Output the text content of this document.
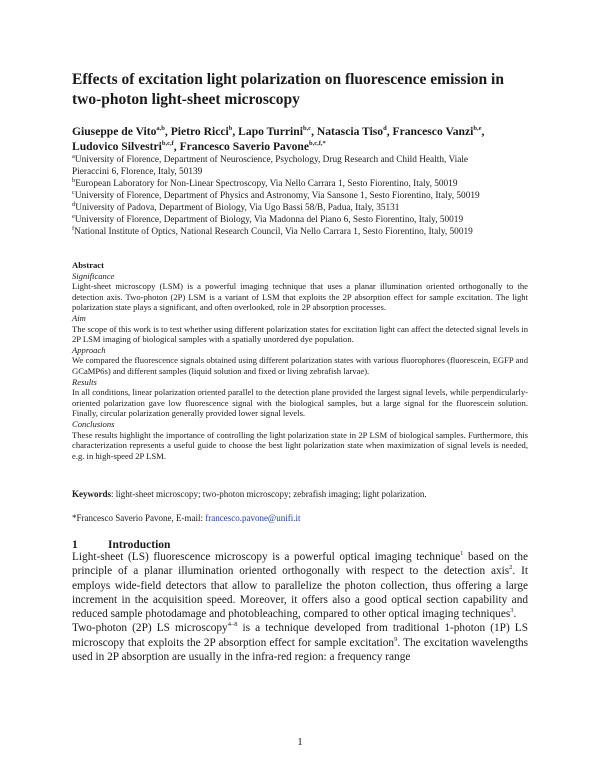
Effects of excitation light polarization on fluorescence emission in two-photon light-sheet microscopy
Giuseppe de Vito$^{a,b}$, Pietro Ricci$^b$, Lapo Turrini$^{b,c}$, Natascia Tiso$^d$, Francesco Vanzi$^{b,e}$, Ludovico Silvestri$^{b,c,f}$, Francesco Saverio Pavone$^{b,c,f,*}$
$^a$University of Florence, Department of Neuroscience, Psychology, Drug Research and Child Health, Viale
Pieraccini 6, Florence, Italy, 50139
$^b$European Laboratory for Non-Linear Spectroscopy, Via Nello Carrara 1, Sesto Fiorentino, Italy, 50019
$^c$University of Florence, Department of Physics and Astronomy, Via Sansone 1, Sesto Fiorentino, Italy, 50019
$^d$University of Padova, Department of Biology, Via Ugo Bassi 58/B, Padua, Italy, 35131
$^e$University of Florence, Department of Biology, Via Madonna del Piano 6, Sesto Fiorentino, Italy, 50019
$^f$National Institute of Optics, National Research Council, Via Nello Carrara 1, Sesto Fiorentino, Italy, 50019
Abstract
Significance

Light-sheet microscopy (LSM) is a powerful imaging technique that uses a planar illumination oriented orthogonally to the detection axis. Two-photon (2P) LSM is a variant of LSM that exploits the 2P absorption effect for sample excitation. The light polarization state plays a significant, and often overlooked, role in 2P absorption processes.

Aim

The scope of this work is to test whether using different polarization states for excitation light can affect the detected signal levels in 2P LSM imaging of biological samples with a spatially unordered dye population.

Approach

We compared the fluorescence signals obtained using different polarization states with various fluorophores (fluorescein, EGFP and GCaMP6s) and different samples (liquid solution and fixed or living zebrafish larvae).

Results

In all conditions, linear polarization oriented parallel to the detection plane provided the largest signal levels, while perpendicularly-oriented polarization gave low fluorescence signal with the biological samples, but a large signal for the fluorescein solution. Finally, circular polarization generally provided lower signal levels.

Conclusions

These results highlight the importance of controlling the light polarization state in 2P LSM of biological samples. Furthermore, this characterization represents a useful guide to choose the best light polarization state when maximization of signal levels is needed, e.g. in high-speed 2P LSM.

Keywords: light-sheet microscopy; two-photon microscopy; zebrafish imaging; light polarization.
*Francesco Saverio Pavone, E-mail: francesco.pavone@unifi.it
1	Introduction

Light-sheet (LS) fluorescence microscopy is a powerful optical imaging technique$^1$ based on the principle of a planar illumination oriented orthogonally with respect to the detection axis$^2$. It employs wide-field detectors that allow to parallelize the photon collection, thus offering a large increment in the acquisition speed. Moreover, it offers also a good optical section capability and reduced sample photodamage and photobleaching, compared to other optical imaging techniques$^3$.

Two-photon (2P) LS microscopy$^{4-8}$ is a technique developed from traditional 1-photon (1P) LS microscopy that exploits the 2P absorption effect for sample excitation$^9$. The excitation wavelengths used in 2P absorption are usually in the infra-red region: a frequency range

1
